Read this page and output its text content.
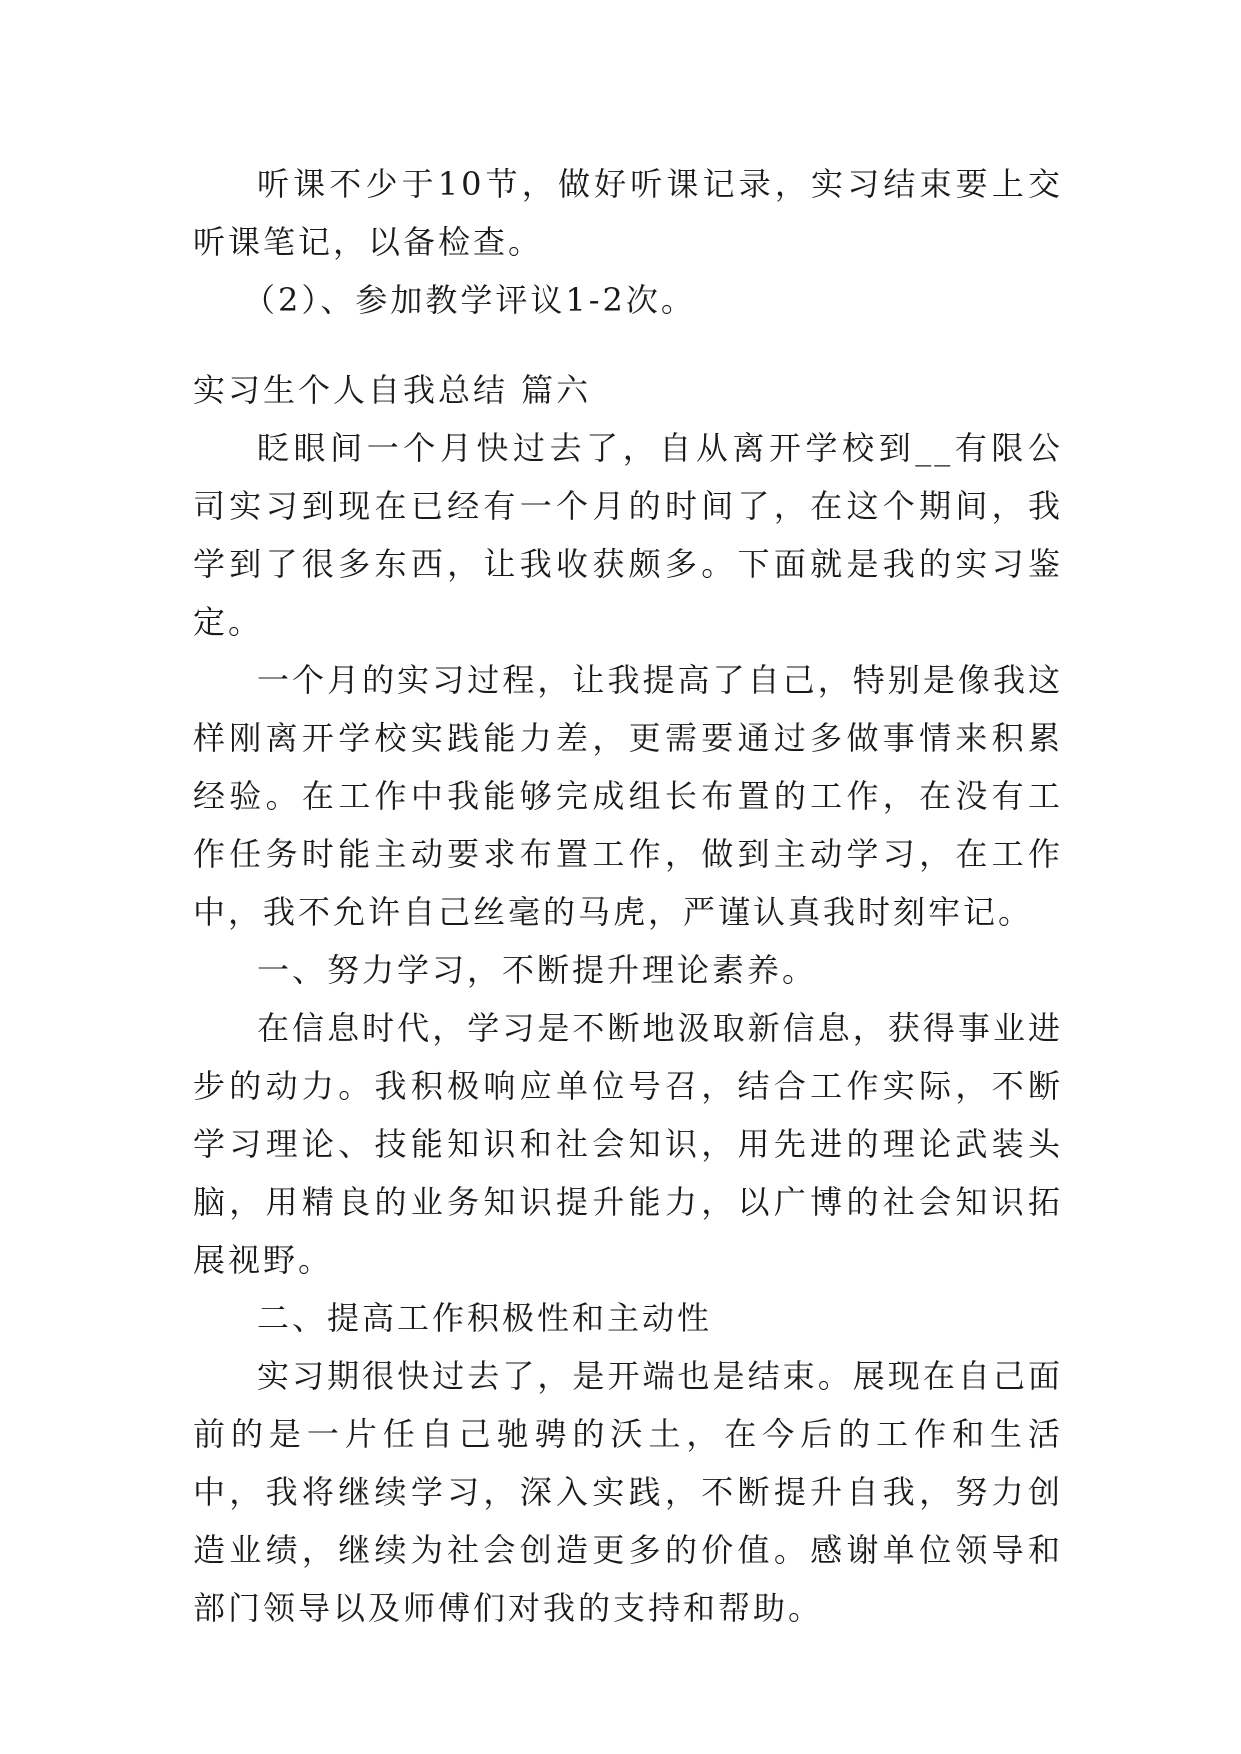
听课不少于10节，做好听课记录，实习结束要上交听课笔记，以备检查。

（2）、参加教学评议1-2次。

实习生个人自我总结 篇六

眨眼间一个月快过去了，自从离开学校到__有限公司实习到现在已经有一个月的时间了，在这个期间，我学到了很多东西，让我收获颇多。下面就是我的实习鉴定。

一个月的实习过程，让我提高了自己，特别是像我这样刚离开学校实践能力差，更需要通过多做事情来积累经验。在工作中我能够完成组长布置的工作，在没有工作任务时能主动要求布置工作，做到主动学习，在工作中，我不允许自己丝毫的马虎，严谨认真我时刻牢记。

一、努力学习，不断提升理论素养。

在信息时代，学习是不断地汲取新信息，获得事业进步的动力。我积极响应单位号召，结合工作实际，不断学习理论、技能知识和社会知识，用先进的理论武装头脑，用精良的业务知识提升能力，以广博的社会知识拓展视野。

二、提高工作积极性和主动性

实习期很快过去了，是开端也是结束。展现在自己面前的是一片任自己驰骋的沃土，在今后的工作和生活中，我将继续学习，深入实践，不断提升自我，努力创造业绩，继续为社会创造更多的价值。感谢单位领导和部门领导以及师傅们对我的支持和帮助。
